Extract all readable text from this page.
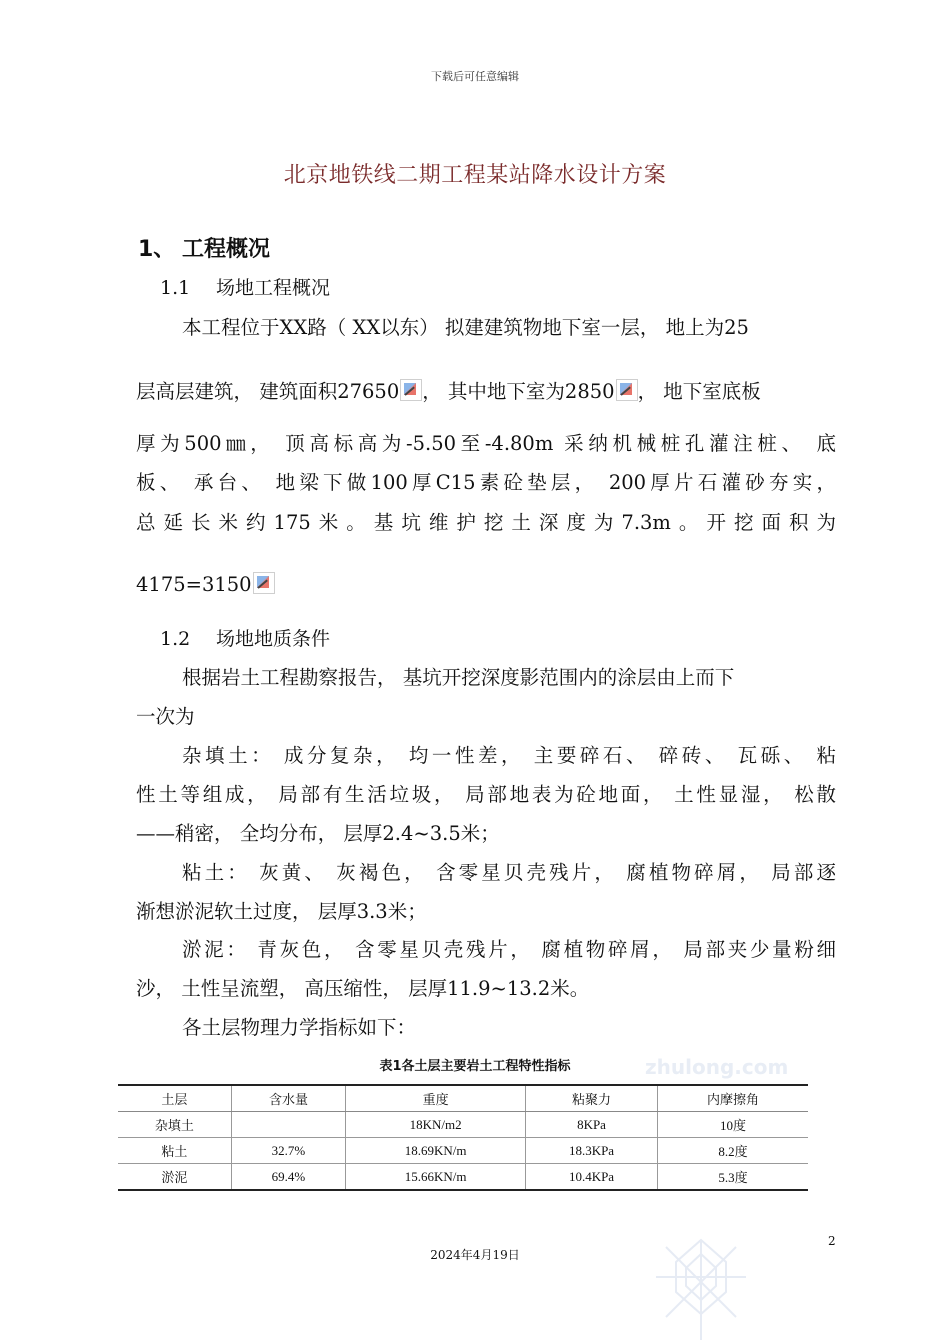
下载后可任意编辑
北京地铁线二期工程某站降水设计方案
1、 工程概况
1.1 场地工程概况
本工程位于XX路（ XX以东） 拟建建筑物地下室一层， 地上为25
层高层建筑， 建筑面积27650 ， 其中地下室为2850 ， 地下室底板
厚为500㎜， 顶高标高为-5.50至-4.80m 采纳机械桩孔灌注桩、 底
板、 承台、 地梁下做100厚C15素砼垫层， 200厚片石灌砂夯实，
总延长米约175米。基坑维护挖土深度为7.3m。开挖面积为
4175=3150
1.2 场地地质条件
根据岩土工程勘察报告， 基坑开挖深度影范围内的涂层由上而下
一次为
杂填土： 成分复杂， 均一性差， 主要碎石、 碎砖、 瓦砾、 粘
性土等组成， 局部有生活垃圾， 局部地表为砼地面， 土性显湿， 松散
——稍密， 全均分布， 层厚2.4~3.5米；
粘土： 灰黄、 灰褐色， 含零星贝壳残片， 腐植物碎屑， 局部逐
渐想淤泥软土过度， 层厚3.3米；
淤泥： 青灰色， 含零星贝壳残片， 腐植物碎屑， 局部夹少量粉细
沙， 土性呈流塑， 高压缩性， 层厚11.9~13.2米。
各土层物理力学指标如下：
zhulong.com
表1各土层主要岩土工程特性指标
土层	含水量	重度	粘聚力	内摩擦角
杂填土		18KN/m2	8KPa	10度
粘土	32.7%	18.69KN/m	18.3KPa	8.2度
淤泥	69.4%	15.66KN/m	10.4KPa	5.3度
2
2024年4月19日
